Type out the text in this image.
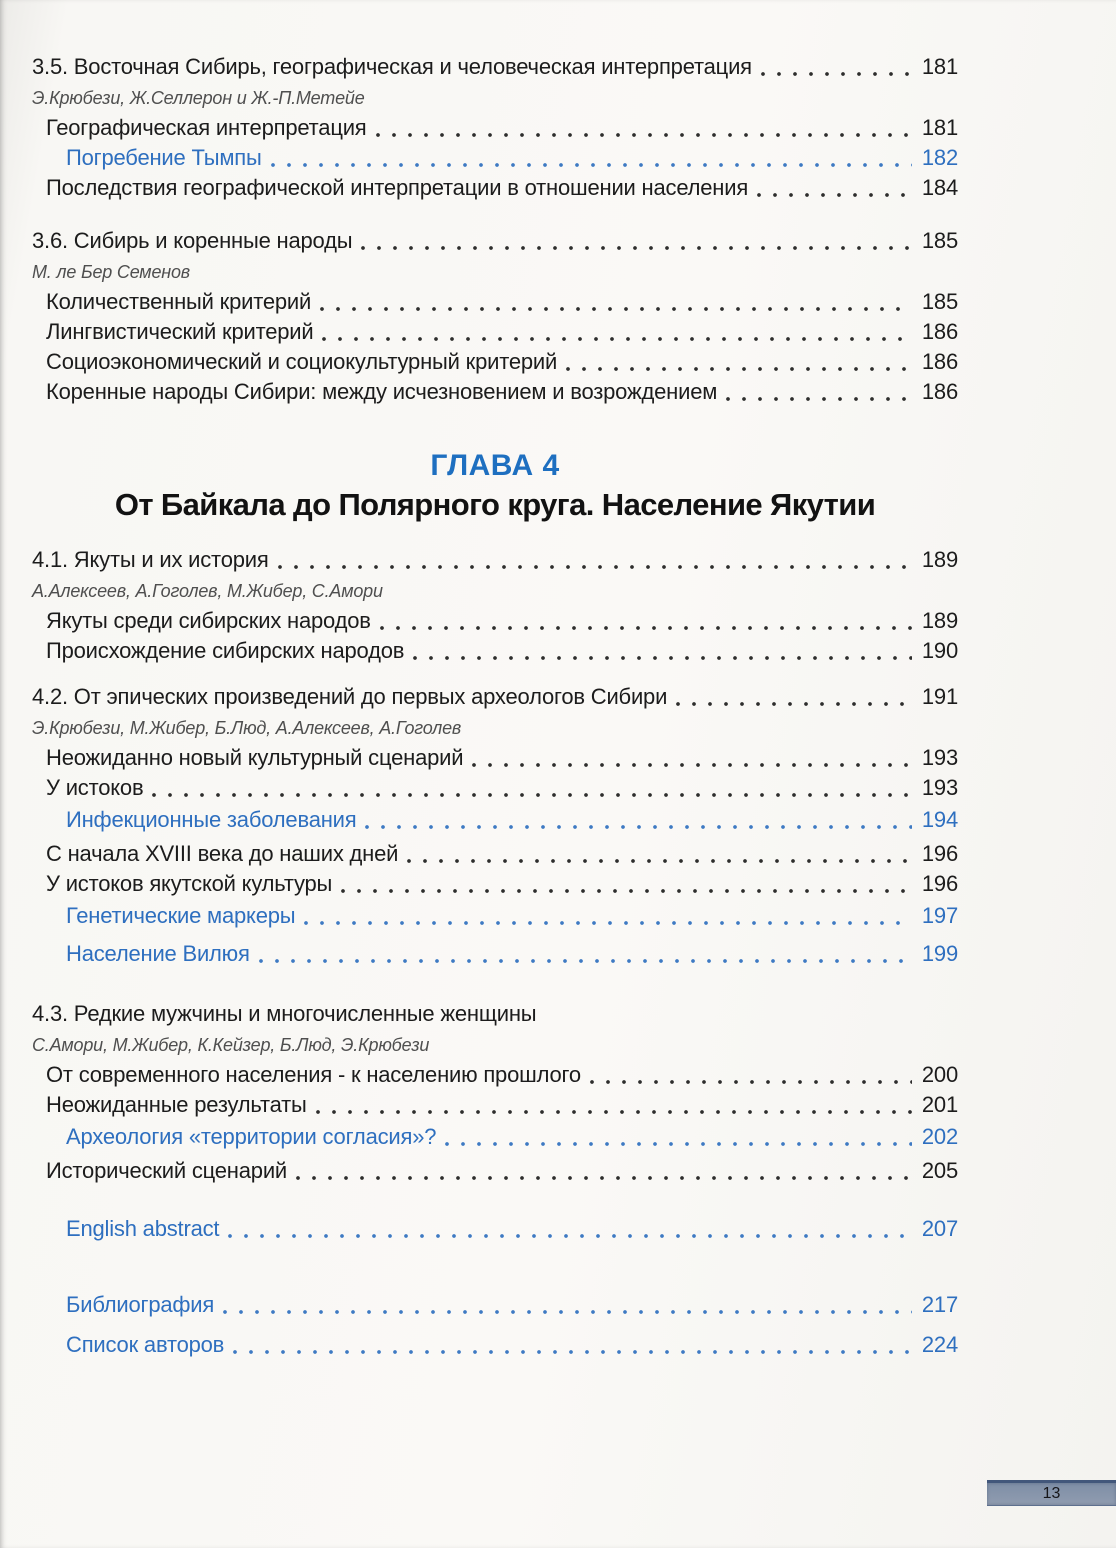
3.5. Восточная Сибирь, географическая и человеческая интерпретация	181
Э.Крюбези, Ж.Селлерон и Ж.-П.Метейе
Географическая интерпретация	181
Погребение Тымпы	182
Последствия географической интерпретации в отношении населения	184
3.6. Сибирь и коренные народы	185
М. ле Бер Семенов
Количественный критерий	185
Лингвистический критерий	186
Социоэкономический и социокультурный критерий	186
Коренные народы Сибири: между исчезновением и возрождением	186
ГЛАВА 4
От Байкала до Полярного круга. Население Якутии
4.1. Якуты и их история	189
А.Алексеев, А.Гоголев, М.Жибер, С.Амори
Якуты среди сибирских народов	189
Происхождение сибирских народов	190
4.2. От эпических произведений до первых археологов Сибири	191
Э.Крюбези, М.Жибер, Б.Люд, А.Алексеев, А.Гоголев
Неожиданно новый культурный сценарий	193
У истоков	193
Инфекционные заболевания	194
С начала XVIII века до наших дней	196
У истоков якутской культуры	196
Генетические маркеры	197
Население Вилюя	199
4.3. Редкие мужчины и многочисленные женщины
С.Амори, М.Жибер, К.Кейзер, Б.Люд, Э.Крюбези
От современного населения - к населению прошлого	200
Неожиданные результаты	201
Археология «территории согласия»?	202
Исторический сценарий	205
English abstract	207
Библиография	217
Список авторов	224
13
